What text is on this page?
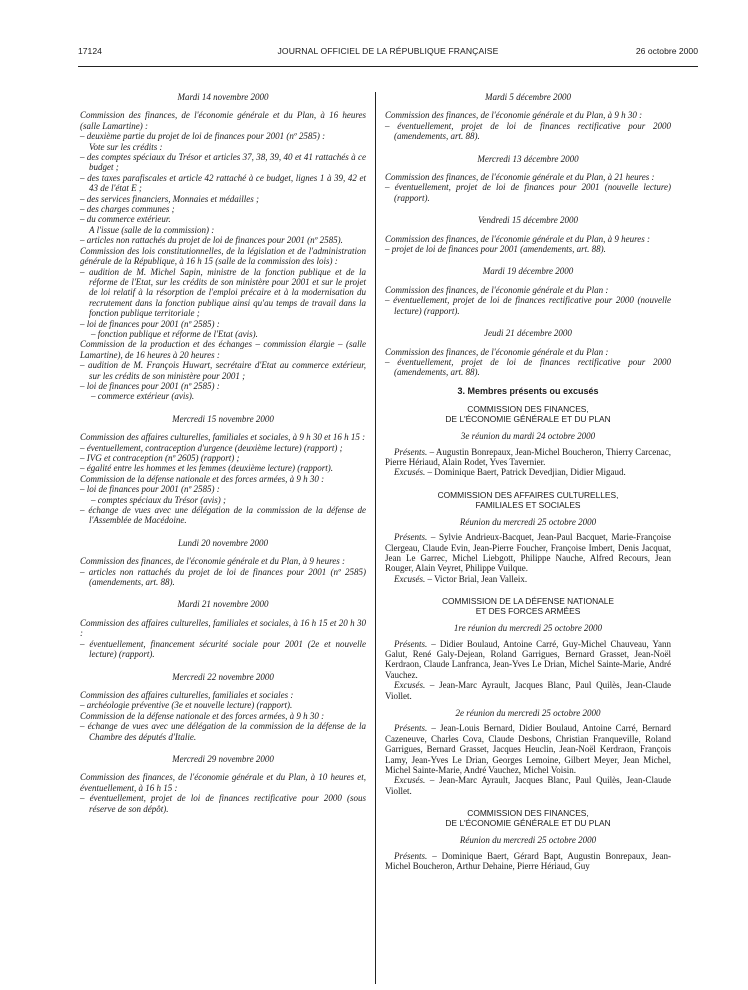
17124	JOURNAL OFFICIEL DE LA RÉPUBLIQUE FRANÇAISE	26 octobre 2000

Mardi 14 novembre 2000

Commission des finances, de l'économie générale et du Plan, à 16 heures (salle Lamartine) :

– deuxième partie du projet de loi de finances pour 2001 (nº 2585) :

Vote sur les crédits :

– des comptes spéciaux du Trésor et articles 37, 38, 39, 40 et 41 rattachés à ce budget ;

– des taxes parafiscales et article 42 rattaché à ce budget, lignes 1 à 39, 42 et 43 de l'état E ;

– des services financiers, Monnaies et médailles ;

– des charges communes ;

– du commerce extérieur.

A l'issue (salle de la commission) :

– articles non rattachés du projet de loi de finances pour 2001 (nº 2585).

Commission des lois constitutionnelles, de la législation et de l'administration générale de la République, à 16 h 15 (salle de la commission des lois) :

– audition de M. Michel Sapin, ministre de la fonction publique et de la réforme de l'Etat, sur les crédits de son ministère pour 2001 et sur le projet de loi relatif à la résorption de l'emploi précaire et à la modernisation du recrutement dans la fonction publique ainsi qu'au temps de travail dans la fonction publique territoriale ;

– loi de finances pour 2001 (nº 2585) :

– fonction publique et réforme de l'Etat (avis).

Commission de la production et des échanges – commission élargie – (salle Lamartine), de 16 heures à 20 heures :

– audition de M. François Huwart, secrétaire d'Etat au commerce extérieur, sur les crédits de son ministère pour 2001 ;

– loi de finances pour 2001 (nº 2585) :

– commerce extérieur (avis).

Mercredi 15 novembre 2000

Commission des affaires culturelles, familiales et sociales, à 9 h 30 et 16 h 15 :

– éventuellement, contraception d'urgence (deuxième lecture) (rapport) ;

– IVG et contraception (nº 2605) (rapport) ;

– égalité entre les hommes et les femmes (deuxième lecture) (rapport).

Commission de la défense nationale et des forces armées, à 9 h 30 :

– loi de finances pour 2001 (nº 2585) :

– comptes spéciaux du Trésor (avis) ;

– échange de vues avec une délégation de la commission de la défense de l'Assemblée de Macédoine.

Lundi 20 novembre 2000

Commission des finances, de l'économie générale et du Plan, à 9 heures :

– articles non rattachés du projet de loi de finances pour 2001 (nº 2585) (amendements, art. 88).

Mardi 21 novembre 2000

Commission des affaires culturelles, familiales et sociales, à 16 h 15 et 20 h 30 :

– éventuellement, financement sécurité sociale pour 2001 (2e et nouvelle lecture) (rapport).

Mercredi 22 novembre 2000

Commission des affaires culturelles, familiales et sociales :

– archéologie préventive (3e et nouvelle lecture) (rapport).

Commission de la défense nationale et des forces armées, à 9 h 30 :

– échange de vues avec une délégation de la commission de la défense de la Chambre des députés d'Italie.

Mercredi 29 novembre 2000

Commission des finances, de l'économie générale et du Plan, à 10 heures et, éventuellement, à 16 h 15 :

– éventuellement, projet de loi de finances rectificative pour 2000 (sous réserve de son dépôt).

Mardi 5 décembre 2000

Commission des finances, de l'économie générale et du Plan, à 9 h 30 :

– éventuellement, projet de loi de finances rectificative pour 2000 (amendements, art. 88).

Mercredi 13 décembre 2000

Commission des finances, de l'économie générale et du Plan, à 21 heures :

– éventuellement, projet de loi de finances pour 2001 (nouvelle lecture) (rapport).

Vendredi 15 décembre 2000

Commission des finances, de l'économie générale et du Plan, à 9 heures :

– projet de loi de finances pour 2001 (amendements, art. 88).

Mardi 19 décembre 2000

Commission des finances, de l'économie générale et du Plan :

– éventuellement, projet de loi de finances rectificative pour 2000 (nouvelle lecture) (rapport).

Jeudi 21 décembre 2000

Commission des finances, de l'économie générale et du Plan :

– éventuellement, projet de loi de finances rectificative pour 2000 (amendements, art. 88).

3. Membres présents ou excusés

COMMISSION DES FINANCES,

DE L'ÉCONOMIE GÉNÉRALE ET DU PLAN

3e réunion du mardi 24 octobre 2000

Présents. – Augustin Bonrepaux, Jean-Michel Boucheron, Thierry Carcenac, Pierre Hériaud, Alain Rodet, Yves Tavernier.

Excusés. – Dominique Baert, Patrick Devedjian, Didier Migaud.

COMMISSION DES AFFAIRES CULTURELLES,

FAMILIALES ET SOCIALES

Réunion du mercredi 25 octobre 2000

Présents. – Sylvie Andrieux-Bacquet, Jean-Paul Bacquet, Marie-Françoise Clergeau, Claude Evin, Jean-Pierre Foucher, Françoise Imbert, Denis Jacquat, Jean Le Garrec, Michel Liebgott, Philippe Nauche, Alfred Recours, Jean Rouger, Alain Veyret, Philippe Vuilque.

Excusés. – Victor Brial, Jean Valleix.

COMMISSION DE LA DÉFENSE NATIONALE

ET DES FORCES ARMÉES

1re réunion du mercredi 25 octobre 2000

Présents. – Didier Boulaud, Antoine Carré, Guy-Michel Chauveau, Yann Galut, René Galy-Dejean, Roland Garrigues, Bernard Grasset, Jean-Noël Kerdraon, Claude Lanfranca, Jean-Yves Le Drian, Michel Sainte-Marie, André Vauchez.

Excusés. – Jean-Marc Ayrault, Jacques Blanc, Paul Quilès, Jean-Claude Viollet.

2e réunion du mercredi 25 octobre 2000

Présents. – Jean-Louis Bernard, Didier Boulaud, Antoine Carré, Bernard Cazeneuve, Charles Cova, Claude Desbons, Christian Franqueville, Roland Garrigues, Bernard Grasset, Jacques Heuclin, Jean-Noël Kerdraon, François Lamy, Jean-Yves Le Drian, Georges Lemoine, Gilbert Meyer, Jean Michel, Michel Sainte-Marie, André Vauchez, Michel Voisin.

Excusés. – Jean-Marc Ayrault, Jacques Blanc, Paul Quilès, Jean-Claude Viollet.

COMMISSION DES FINANCES,

DE L'ÉCONOMIE GÉNÉRALE ET DU PLAN

Réunion du mercredi 25 octobre 2000

Présents. – Dominique Baert, Gérard Bapt, Augustin Bonrepaux, Jean-Michel Boucheron, Arthur Dehaine, Pierre Hériaud, Guy
